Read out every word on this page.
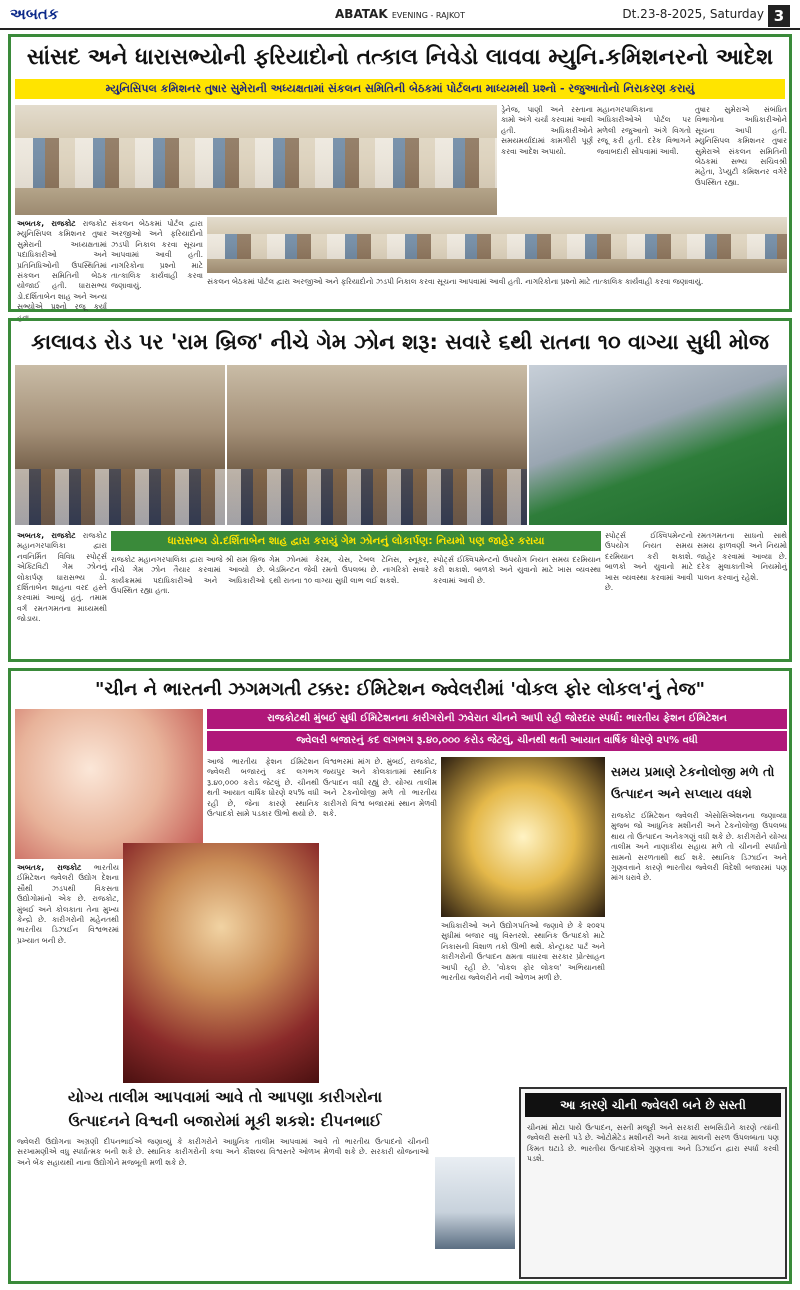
અબતક	ABATAK EVENING - RAJKOT	Dt.23-8-2025, Saturday 3
સાંસદ અને ધારાસભ્યોની ફરિયાદોનો તત્કાલ નિવેડો લાવવા મ્યુનિ.કમિશનરનો આદેશ
મ્યુનિસિપલ કમિશનર તુષાર સુમેરાની અધ્યક્ષતામાં સંકલન સમિતિની બેઠકમાં પોર્ટલના માધ્યમથી પ્રશ્નો - રજુઆતોનો નિરાકરણ કરાયું
અબતક, રાજકોટ રાજકોટ મ્યુનિસિપલ કમિશનર તુષાર સુમેરાની અધ્યક્ષતામાં પદાધિકારીઓ અને પ્રતિનિધિઓની ઉપસ્થિતિમાં સંકલન સમિતિની બેઠક યોજાઈ હતી. ધારાસભ્ય ડો.દર્શિતાબેન શાહ અને અન્ય સભ્યોએ પ્રશ્નો રજૂ કર્યા હતા.
સંકલન બેઠકમાં પોર્ટલ દ્વારા અરજીઓ અને ફરિયાદોનો ઝડપી નિકાલ કરવા સૂચના આપવામાં આવી હતી. નાગરિકોના પ્રશ્નો માટે તાત્કાલિક કાર્યવાહી કરવા જણાવાયું.
ડ્રેનેજ, પાણી અને રસ્તાના કામો અંગે ચર્ચા કરવામાં આવી હતી. અધિકારીઓને સમયમર્યાદામાં કામગીરી પૂર્ણ કરવા આદેશ અપાયો.
મહાનગરપાલિકાના અધિકારીઓએ પોર્ટલ પર મળેલી રજુઆતો અંગે વિગતો રજૂ કરી હતી. દરેક વિભાગને જવાબદારી સોંપવામાં આવી.
તુષાર સુમેરાએ સંબંધિત વિભાગોના અધિકારીઓને સૂચના આપી હતી. મ્યુનિસિપલ કમિશનર તુષાર સુમેરાએ સંકલન સમિતિની બેઠકમાં સભ્ય સચિવશ્રી મહેતા, ડેપ્યુટી કમિશનર વગેરે ઉપસ્થિત રહ્યા.
સંકલન બેઠકમાં પોર્ટલ દ્વારા અરજીઓ અને ફરિયાદોનો ઝડપી નિકાલ કરવા સૂચના આપવામાં આવી હતી. નાગરિકોના પ્રશ્નો માટે તાત્કાલિક કાર્યવાહી કરવા જણાવાયું.
કાલાવડ રોડ પર 'રામ બ્રિજ' નીચે ગેમ ઝોન શરૂ: સવારે ૬થી રાતના ૧૦ વાગ્યા સુધી મોજ
ધારાસભ્ય ડો.દર્શિતાબેન શાહ દ્વારા કરાયું ગેમ ઝોનનું લોકાર્પણ: નિયમો પણ જાહેર કરાયા
અબતક, રાજકોટ રાજકોટ મહાનગરપાલિકા દ્વારા નવનિર્મિત વિવિધ સ્પોર્ટ્સ એક્ટિવિટી ગેમ ઝોનનું લોકાર્પણ ધારાસભ્ય ડો. દર્શિતાબેન શાહના વરદ હસ્તે કરવામાં આવ્યું હતું. તમામ વર્ગ રમતગમતના માધ્યમથી જોડાય.
રાજકોટ મહાનગરપાલિકા દ્વારા આજે શ્રી રામ બ્રિજ નીચે ગેમ ઝોન તૈયાર કરવામાં આવ્યો છે. કાર્યક્રમમાં પદાધિકારીઓ અને અધિકારીઓ ઉપસ્થિત રહ્યા હતા.
ગેમ ઝોનમાં કેરમ, ચેસ, ટેબલ ટેનિસ, સ્નૂકર, બેડમિન્ટન જેવી રમતો ઉપલબ્ધ છે. નાગરિકો સવારે ૬થી રાતના ૧૦ વાગ્યા સુધી લાભ લઈ શકશે.
સ્પોર્ટ્સ ઈક્વિપમેન્ટનો ઉપયોગ નિયત સમય દરમિયાન કરી શકાશે. બાળકો અને યુવાનો માટે ખાસ વ્યવસ્થા કરવામાં આવી છે.
સ્પોર્ટ્સ ઈક્વિપમેન્ટનો ઉપયોગ નિયત સમય દરમિયાન કરી શકાશે. બાળકો અને યુવાનો માટે ખાસ વ્યવસ્થા કરવામાં આવી છે.
રમતગમતના સાધનો સાથે સમય ફાળવણી અને નિયમો જાહેર કરવામાં આવ્યા છે. દરેક મુલાકાતીએ નિયમોનું પાલન કરવાનું રહેશે.
"ચીન ને ભારતની ઝગમગતી ટક્કર: ઈમિટેશન જ્વેલરીમાં 'વોકલ ફોર લોકલ'નું તેજ"
રાજકોટથી મુંબઈ સુધી ઈમિટેશનના કારીગરોની ઝવેરાત ચીનને આપી રહી જોરદાર સ્પર્ધા: ભારતીય ફેશન ઈમિટેશન
જ્વેલરી બજારનું કદ લગભગ રૂ.૪૦,૦૦૦ કરોડ જેટલું, ચીનથી થતી આયાત વાર્ષિક ધોરણે ૨૫% વધી
અબતક, રાજકોટ ભારતીય ઈમિટેશન જ્વેલરી ઉદ્યોગ દેશના સૌથી ઝડપથી વિકસતા ઉદ્યોગોમાંનો એક છે. રાજકોટ, મુંબઈ અને કોલકાતા તેના મુખ્ય કેન્દ્રો છે. કારીગરોની મહેનતથી ભારતીય ડિઝાઈન વિશ્વભરમાં પ્રખ્યાત બની છે.
આજે ભારતીય ફેશન ઈમિટેશન જ્વેલરી બજારનું કદ લગભગ રૂ.૪૦,૦૦૦ કરોડ જેટલું છે. ચીનથી થતી આયાત વાર્ષિક ધોરણે ૨૫% વધી રહી છે, જેના કારણે સ્થાનિક ઉત્પાદકો સામે પડકાર ઊભો થયો છે.
વિશ્વભરમાં માંગ છે. મુંબઈ, રાજકોટ, જયપુર અને કોલકાતામાં સ્થાનિક ઉત્પાદન વધી રહ્યું છે. યોગ્ય તાલીમ અને ટેકનોલોજી મળે તો ભારતીય કારીગરો વિશ્વ બજારમાં સ્થાન મેળવી શકે.
અધિકારીઓ અને ઉદ્યોગપતિઓ જણાવે છે કે ૨૦૨૫ સુધીમાં બજાર વધુ વિસ્તરશે. સ્થાનિક ઉત્પાદકો માટે નિકાસની વિશાળ તકો ઊભી થશે. કોન્ટ્રાક્ટ પાર્ટ અને કારીગરોની ઉત્પાદન ક્ષમતા વધારવા સરકાર પ્રોત્સાહન આપી રહી છે. 'વોકલ ફોર લોકલ' અભિયાનથી ભારતીય જ્વેલરીને નવી ઓળખ મળી છે.
સમય પ્રમાણે ટેકનોલોજી મળે તો
ઉત્પાદન અને સપ્લાય વધશે
રાજકોટ ઈમિટેશન જ્વેલરી એસોસિએશનના જણાવ્યા મુજબ જો આધુનિક મશીનરી અને ટેકનોલોજી ઉપલબ્ધ થાય તો ઉત્પાદન અનેકગણું વધી શકે છે. કારીગરોને યોગ્ય તાલીમ અને નાણાકીય સહાય મળે તો ચીનની સ્પર્ધાનો સામનો સરળતાથી થઈ શકે. સ્થાનિક ડિઝાઈન અને ગુણવત્તાને કારણે ભારતીય જ્વેલરી વિદેશી બજારમાં પણ માંગ ધરાવે છે.
યોગ્ય તાલીમ આપવામાં આવે તો આપણા કારીગરોના
ઉત્પાદનને વિશ્વની બજારોમાં મૂકી શકશે: દીપનભાઈ
જ્વેલરી ઉદ્યોગના અગ્રણી દીપનભાઈએ જણાવ્યું કે કારીગરોને આધુનિક તાલીમ આપવામાં આવે તો ભારતીય ઉત્પાદનો ચીનની સરખામણીએ વધુ સ્પર્ધાત્મક બની શકે છે. સ્થાનિક કારીગરોની કલા અને કૌશલ્ય વિશ્વસ્તરે ઓળખ મેળવી શકે છે. સરકારી યોજનાઓ અને બેંક સહાયથી નાના ઉદ્યોગોને મજબૂતી મળી શકે છે.
આ કારણે ચીની જ્વેલરી બને છે સસ્તી
ચીનમાં મોટા પાયે ઉત્પાદન, સસ્તી મજૂરી અને સરકારી સબસિડીને કારણે ત્યાંની જ્વેલરી સસ્તી પડે છે. ઓટોમેટેડ મશીનરી અને કાચા માલની સરળ ઉપલબ્ધતા પણ કિંમત ઘટાડે છે. ભારતીય ઉત્પાદકોએ ગુણવત્તા અને ડિઝાઈન દ્વારા સ્પર્ધા કરવી પડશે.
